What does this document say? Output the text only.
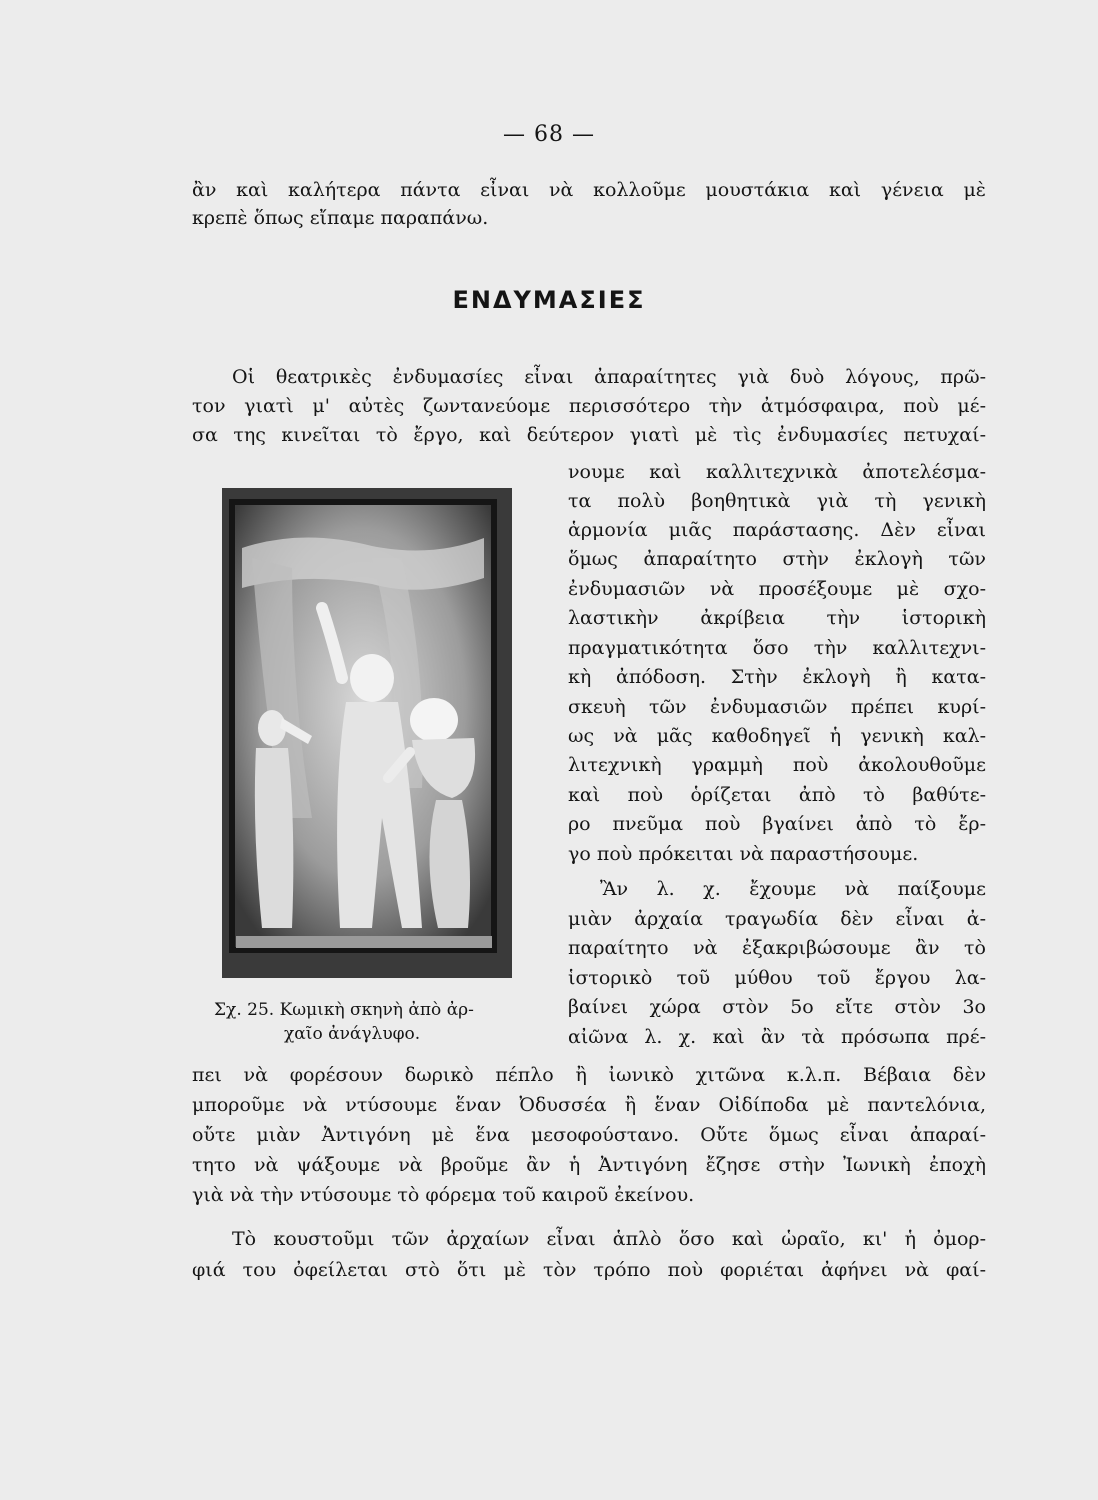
— 68 —
ἂν καὶ καλήτερα πάντα εἶναι νὰ κολλοῦμε μουστάκια καὶ γένεια μὲ
κρεπὲ ὅπως εἴπαμε παραπάνω.
ΕΝΔΥΜΑΣΙΕΣ
Οἱ θεατρικὲς ἐνδυμασίες εἶναι ἀπαραίτητες γιὰ δυὸ λόγους, πρῶ-
τον γιατὶ μ' αὐτὲς ζωντανεύομε περισσότερο τὴν ἀτμόσφαιρα, ποὺ μέ-
σα της κινεῖται τὸ ἔργο, καὶ δεύτερον γιατὶ μὲ τὶς ἐνδυμασίες πετυχαί-
νουμε καὶ καλλιτεχνικὰ ἀποτελέσμα-
τα πολὺ βοηθητικὰ γιὰ τὴ γενικὴ
ἁρμονία μιᾶς παράστασης. Δὲν εἶναι
ὅμως ἀπαραίτητο στὴν ἐκλογὴ τῶν
ἐνδυμασιῶν νὰ προσέξουμε μὲ σχο-
λαστικὴν ἀκρίβεια τὴν ἱστορικὴ
πραγματικότητα ὅσο τὴν καλλιτεχνι-
κὴ ἀπόδοση. Στὴν ἐκλογὴ ἢ κατα-
σκευὴ τῶν ἐνδυμασιῶν πρέπει κυρί-
ως νὰ μᾶς καθοδηγεῖ ἡ γενικὴ καλ-
λιτεχνικὴ γραμμὴ ποὺ ἀκολουθοῦμε
καὶ ποὺ ὁρίζεται ἀπὸ τὸ βαθύτε-
ρο πνεῦμα ποὺ βγαίνει ἀπὸ τὸ ἔρ-
γο ποὺ πρόκειται νὰ παραστήσουμε.
Ἂν λ. χ. ἔχουμε νὰ παίξουμε
μιὰν ἀρχαία τραγωδία δὲν εἶναι ἀ-
παραίτητο νὰ ἐξακριβώσουμε ἂν τὸ
ἱστορικὸ τοῦ μύθου τοῦ ἔργου λα-
βαίνει χώρα στὸν 5ο εἴτε στὸν 3ο
αἰῶνα λ. χ. καὶ ἂν τὰ πρόσωπα πρέ-
πει νὰ φορέσουν δωρικὸ πέπλο ἢ ἰωνικὸ χιτῶνα κ.λ.π. Βέβαια δὲν
μποροῦμε νὰ ντύσουμε ἕναν Ὀδυσσέα ἢ ἕναν Οἰδίποδα μὲ παντελόνια,
οὔτε μιὰν Ἀντιγόνη μὲ ἕνα μεσοφούστανο. Οὔτε ὅμως εἶναι ἀπαραί-
τητο νὰ ψάξουμε νὰ βροῦμε ἂν ἡ Ἀντιγόνη ἔζησε στὴν Ἰωνικὴ ἐποχὴ
γιὰ νὰ τὴν ντύσουμε τὸ φόρεμα τοῦ καιροῦ ἐκείνου.
Τὸ κουστοῦμι τῶν ἀρχαίων εἶναι ἁπλὸ ὅσο καὶ ὡραῖο, κι' ἡ ὀμορ-
φιά του ὀφείλεται στὸ ὅτι μὲ τὸν τρόπο ποὺ φοριέται ἀφήνει νὰ φαί-
Σχ. 25. Κωμικὴ σκηνὴ ἀπὸ ἀρ-
χαῖο ἀνάγλυφο.
